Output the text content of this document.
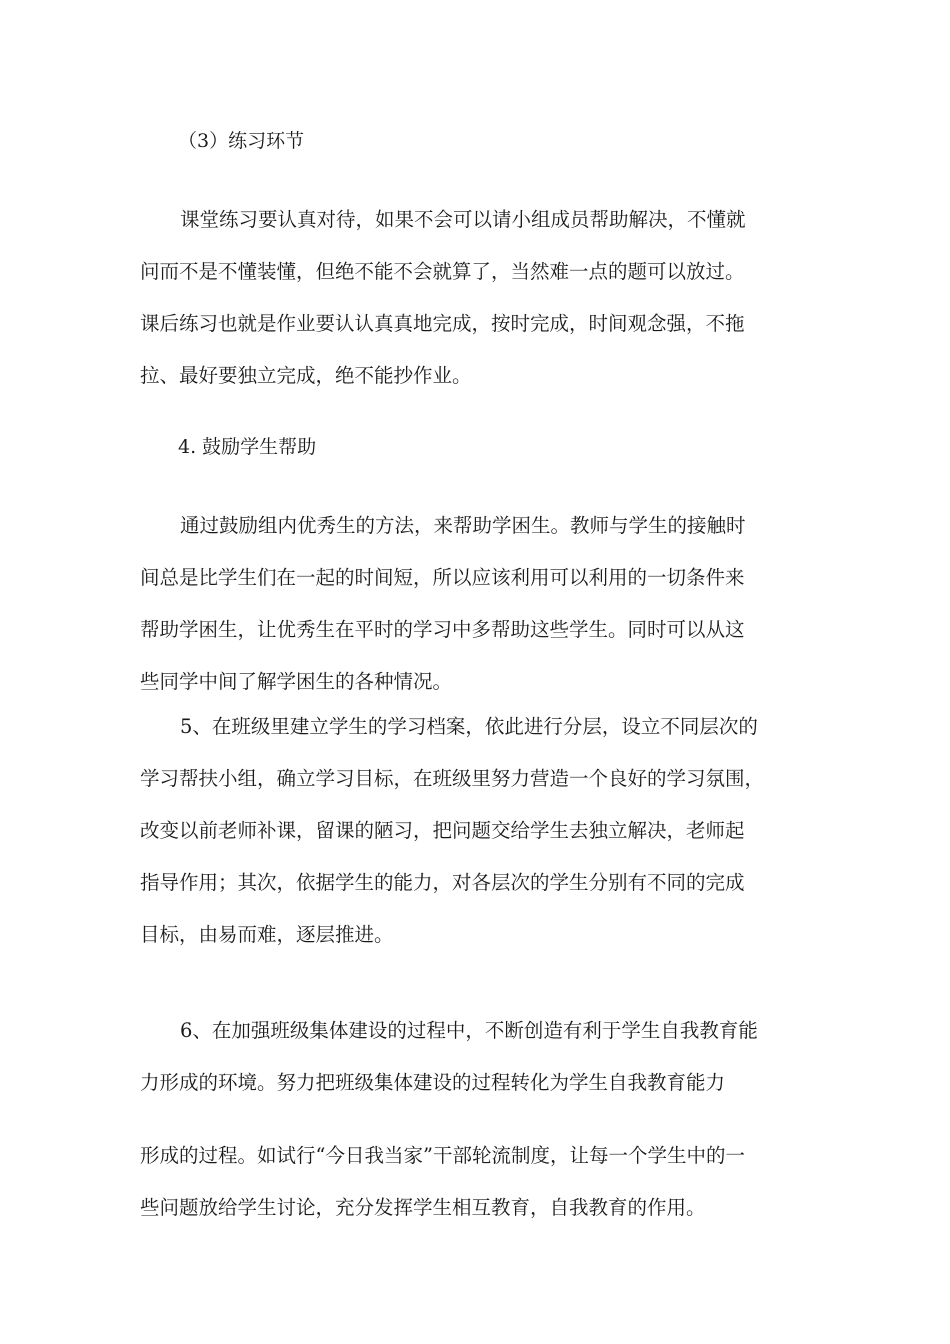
（3）练习环节
课堂练习要认真对待，如果不会可以请小组成员帮助解决，不懂就
问而不是不懂装懂，但绝不能不会就算了，当然难一点的题可以放过。
课后练习也就是作业要认认真真地完成，按时完成，时间观念强，不拖
拉、最好要独立完成，绝不能抄作业。
4. 鼓励学生帮助
通过鼓励组内优秀生的方法，来帮助学困生。教师与学生的接触时
间总是比学生们在一起的时间短，所以应该利用可以利用的一切条件来
帮助学困生，让优秀生在平时的学习中多帮助这些学生。同时可以从这
些同学中间了解学困生的各种情况。
5、在班级里建立学生的学习档案，依此进行分层，设立不同层次的
学习帮扶小组，确立学习目标，在班级里努力营造一个良好的学习氛围，
改变以前老师补课，留课的陋习，把问题交给学生去独立解决，老师起
指导作用；其次，依据学生的能力，对各层次的学生分别有不同的完成
目标，由易而难，逐层推进。
6、在加强班级集体建设的过程中，不断创造有利于学生自我教育能
力形成的环境。努力把班级集体建设的过程转化为学生自我教育能力
形成的过程。如试行“今日我当家”干部轮流制度，让每一个学生中的一
些问题放给学生讨论，充分发挥学生相互教育，自我教育的作用。
